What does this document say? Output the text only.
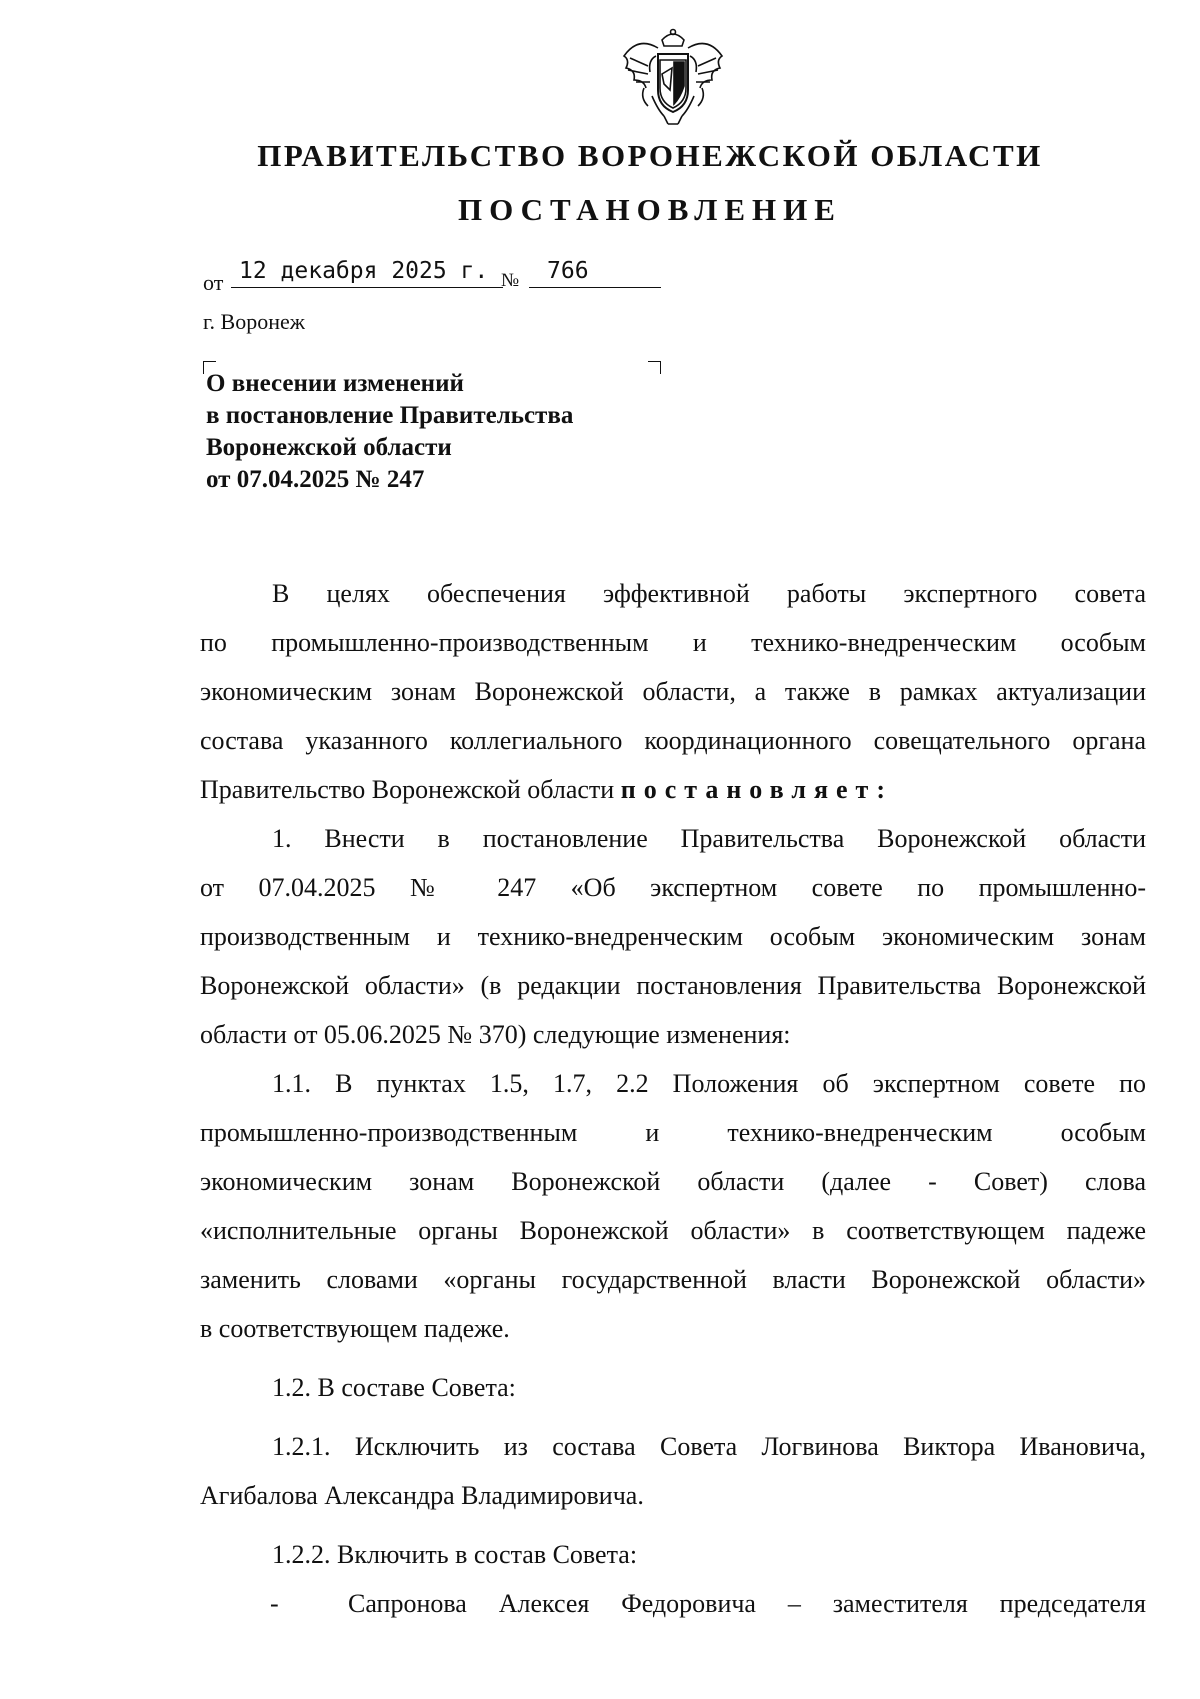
ПРАВИТЕЛЬСТВО ВОРОНЕЖСКОЙ ОБЛАСТИ
ПОСТАНОВЛЕНИЕ
от 12 декабря 2025 г. №	766
г. Воронеж
О внесении изменений
в постановление Правительства
Воронежской области
от 07.04.2025 № 247
В целях обеспечения эффективной работы экспертного совета
по промышленно-производственным и технико-внедренческим особым
экономическим зонам Воронежской области, а также в рамках актуализации
состава указанного коллегиального координационного совещательного органа
Правительство Воронежской области постановляет:
1. Внести в постановление Правительства Воронежской области
от 07.04.2025 № 247 «Об экспертном совете по промышленно-
производственным и технико-внедренческим особым экономическим зонам
Воронежской области» (в редакции постановления Правительства Воронежской
области от 05.06.2025 № 370) следующие изменения:
1.1. В пунктах 1.5, 1.7, 2.2 Положения об экспертном совете по
промышленно-производственным и технико-внедренческим особым
экономическим зонам Воронежской области (далее - Совет) слова
«исполнительные органы Воронежской области» в соответствующем падеже
заменить словами «органы государственной власти Воронежской области»
в соответствующем падеже.
1.2. В составе Совета:
1.2.1. Исключить из состава Совета Логвинова Виктора Ивановича,
Агибалова Александра Владимировича.
1.2.2. Включить в состав Совета:
-	Сапронова Алексея Федоровича – заместителя председателя
